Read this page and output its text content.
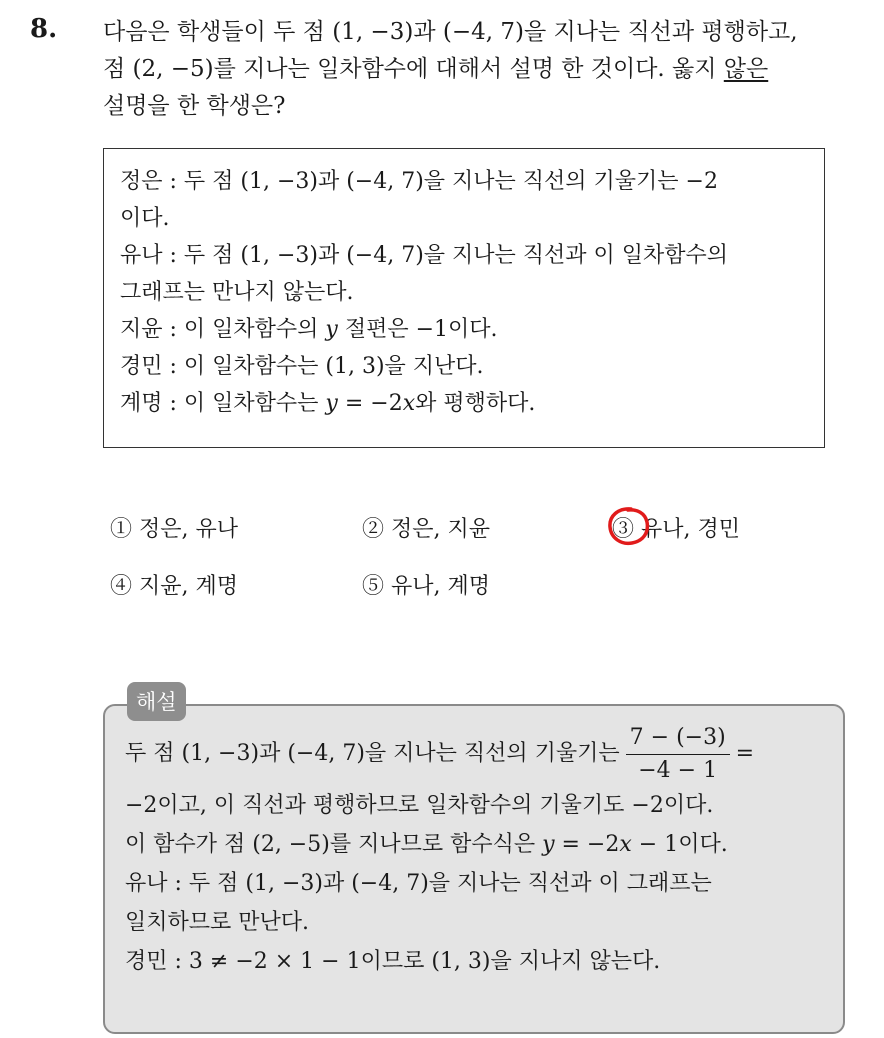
8. 다음은 학생들이 두 점 (1, −3)과 (−4, 7)을 지나는 직선과 평행하고,

점 (2, −5)를 지나는 일차함수에 대해서 설명 한 것이다. 옳지 않은

설명을 한 학생은?

정은 : 두 점 (1, −3)과 (−4, 7)을 지나는 직선의 기울기는 −2

이다.

유나 : 두 점 (1, −3)과 (−4, 7)을 지나는 직선과 이 일차함수의

그래프는 만나지 않는다.

지윤 : 이 일차함수의 y 절편은 −1이다.

경민 : 이 일차함수는 (1, 3)을 지난다.

계명 : 이 일차함수는 y = −2x와 평행하다.

① 정은, 유나	② 정은, 지윤	③ 유나, 경민
④ 지윤, 계명	⑤ 유나, 계명
해설

두 점 (1, −3)과 (−4, 7)을 지나는 직선의 기울기는 $\frac{7 - (-3)}{-4 - 1}$ =

−2이고, 이 직선과 평행하므로 일차함수의 기울기도 −2이다.

이 함수가 점 (2, −5)를 지나므로 함수식은 y = −2x − 1이다.

유나 : 두 점 (1, −3)과 (−4, 7)을 지나는 직선과 이 그래프는

일치하므로 만난다.

경민 : 3 ≠ −2 × 1 − 1이므로 (1, 3)을 지나지 않는다.
